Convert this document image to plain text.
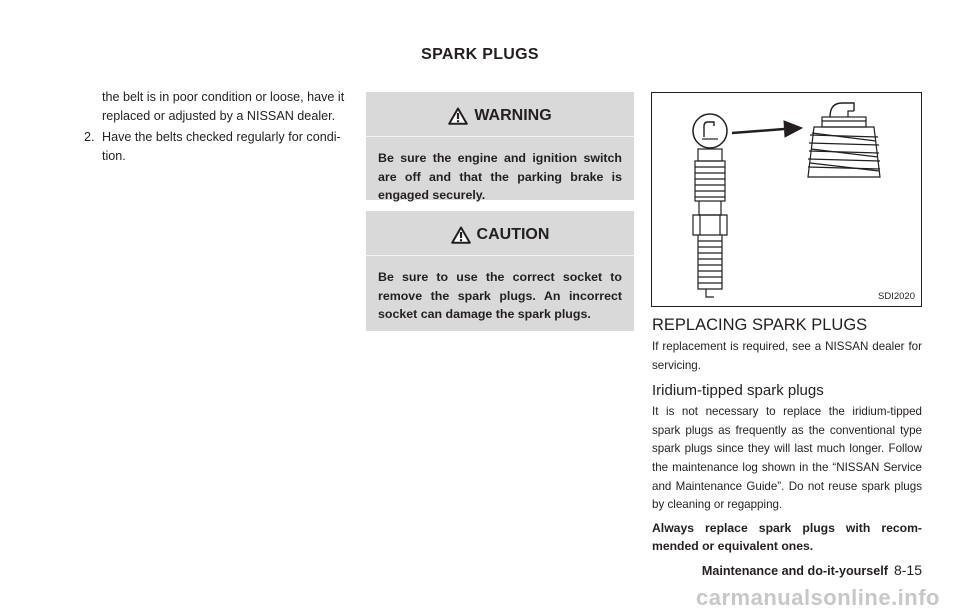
SPARK PLUGS

the belt is in poor condition or loose, have it replaced or adjusted by a NISSAN dealer.

2. Have the belts checked regularly for condi-tion.
WARNING
Be sure the engine and ignition switch are off and that the parking brake is engaged securely.
CAUTION
Be sure to use the correct socket to remove the spark plugs. An incorrect socket can damage the spark plugs.
SDI2020
REPLACING SPARK PLUGS

If replacement is required, see a NISSAN dealer for servicing.

Iridium-tipped spark plugs

It is not necessary to replace the iridium-tipped spark plugs as frequently as the conventional type spark plugs since they will last much longer. Follow the maintenance log shown in the “NISSAN Service and Maintenance Guide”. Do not reuse spark plugs by cleaning or regapping.

Always replace spark plugs with recom-mended or equivalent ones.

Maintenance and do-it-yourself 8-15
carmanualsonline.info
